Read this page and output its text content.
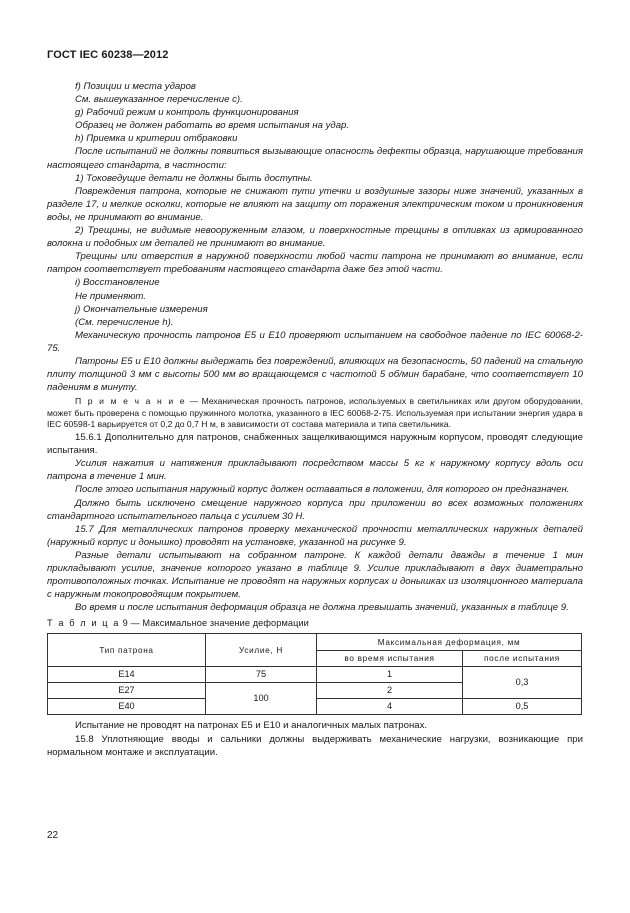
ГОСТ IEC 60238—2012

f) Позиции и места ударов

См. вышеуказанное перечисление с).

g) Рабочий режим и контроль функционирования

Образец не должен работать во время испытания на удар.

h) Приемка и критерии отбраковки

После испытаний не должны появиться вызывающие опасность дефекты образца, нарушающие требования настоящего стандарта, в частности:

1) Токоведущие детали не должны быть доступны.

Повреждения патрона, которые не снижают пути утечки и воздушные зазоры ниже значений, указанных в разделе 17, и мелкие осколки, которые не влияют на защиту от поражения электрическим током и проникновения воды, не принимают во внимание.

2) Трещины, не видимые невооруженным глазом, и поверхностные трещины в отливках из армированного волокна и подобных им деталей не принимают во внимание.

Трещины или отверстия в наружной поверхности любой части патрона не принимают во внимание, если патрон соответствует требованиям настоящего стандарта даже без этой части.

i) Восстановление

Не применяют.

j) Окончательные измерения

(См. перечисление h).

Механическую прочность патронов Е5 и Е10 проверяют испытанием на свободное падение по IEC 60068-2-75.

Патроны Е5 и Е10 должны выдержать без повреждений, влияющих на безопасность, 50 падений на стальную плиту толщиной 3 мм с высоты 500 мм во вращающемся с частотой 5 об/мин барабане, что соответствует 10 падениям в минуту.

П р и м е ч а н и е — Механическая прочность патронов, используемых в светильниках или другом оборудовании, может быть проверена с помощью пружинного молотка, указанного в IEC 60068-2-75. Используемая при испытании энергия удара в IEC 60598-1 варьируется от 0,2 до 0,7 Н м, в зависимости от состава материала и типа светильника.

15.6.1 Дополнительно для патронов, снабженных защелкивающимся наружным корпусом, проводят следующие испытания.

Усилия нажатия и натяжения прикладывают посредством массы 5 кг к наружному корпусу вдоль оси патрона в течение 1 мин.

После этого испытания наружный корпус должен оставаться в положении, для которого он предназначен.

Должно быть исключено смещение наружного корпуса при приложении во всех возможных положениях стандартного испытательного пальца с усилием 30 Н.

15.7 Для металлических патронов проверку механической прочности металлических наружных деталей (наружный корпус и донышко) проводят на установке, указанной на рисунке 9.

Разные детали испытывают на собранном патроне. К каждой детали дважды в течение 1 мин прикладывают усилие, значение которого указано в таблице 9. Усилие прикладывают в двух диаметрально противоположных точках. Испытание не проводят на наружных корпусах и донышках из изоляционного материала с наружным токопроводящим покрытием.

Во время и после испытания деформация образца не должна превышать значений, указанных в таблице 9.

Т а б л и ц а 9 — Максимальное значение деформации

Тип патрона	Усилие, Н	Максимальная деформация, мм	
		во время испытания	после испытания
E14	75	1	0,3
E27	100	2	
E40		4	0,5

Испытание не проводят на патронах Е5 и Е10 и аналогичных малых патронах.

15.8 Уплотняющие вводы и сальники должны выдерживать механические нагрузки, возникающие при нормальном монтаже и эксплуатации.

22
